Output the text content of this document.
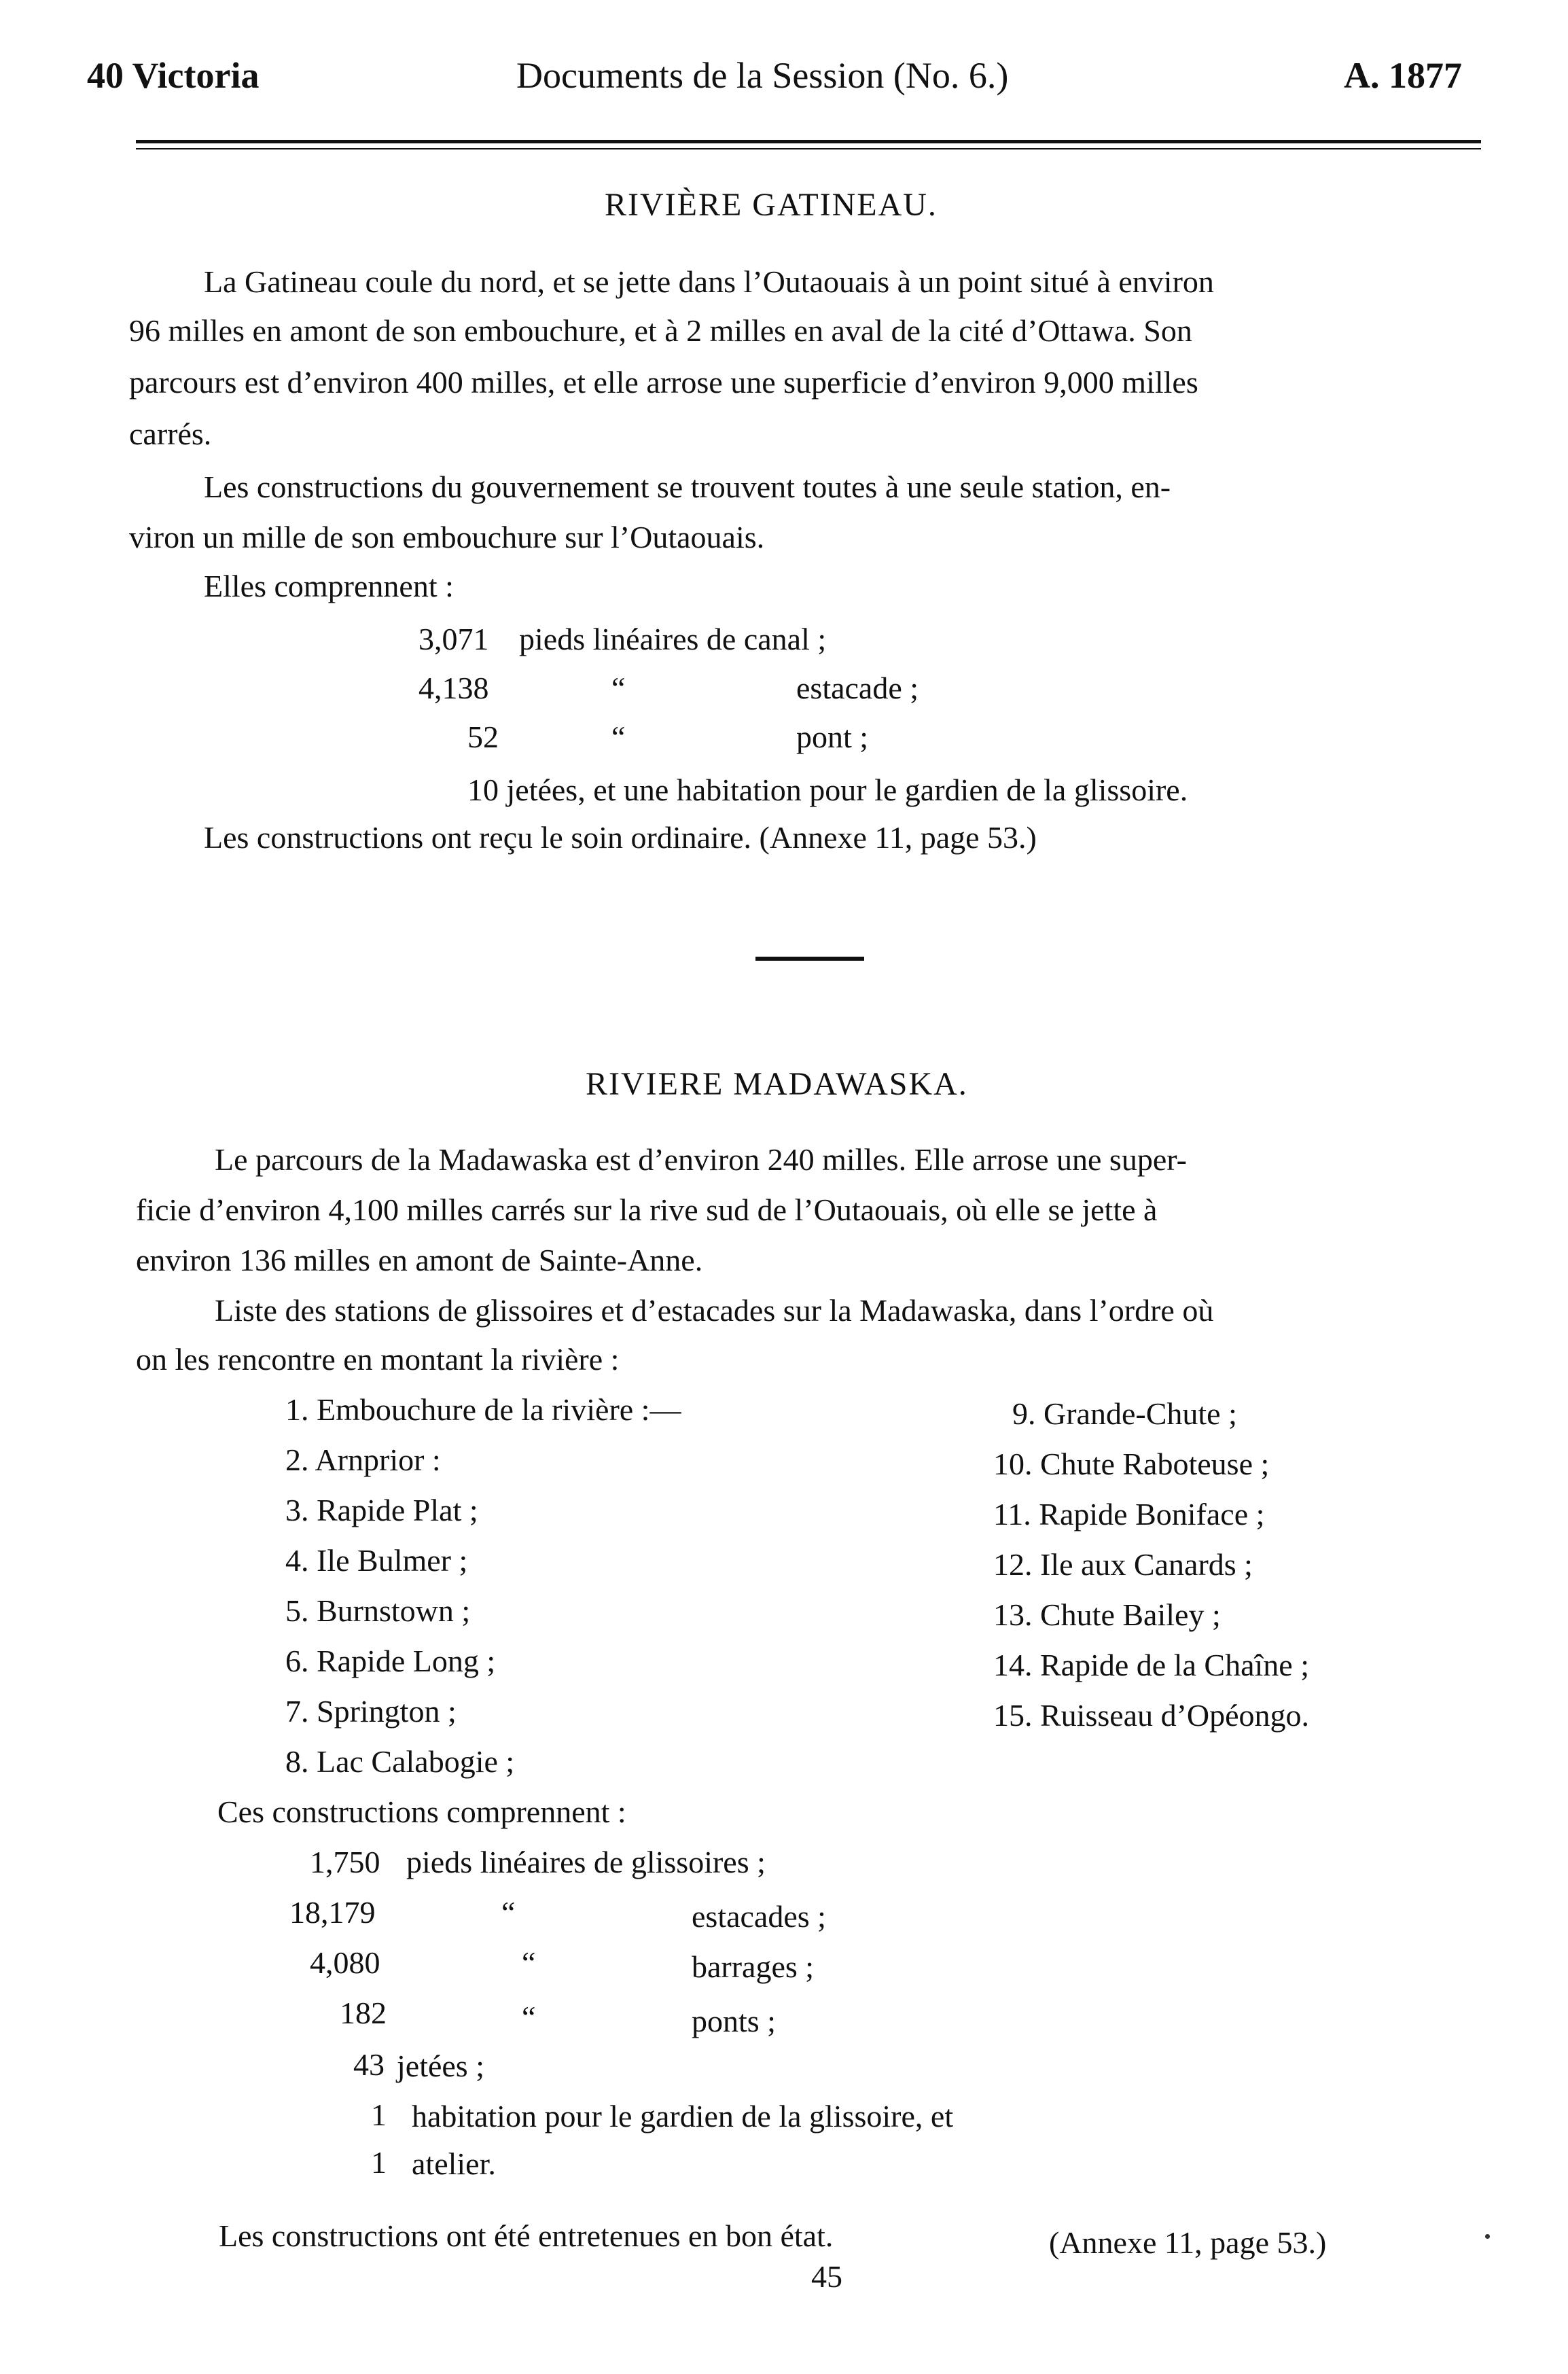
40 Victoria	Documents de la Session (No. 6.)	A. 1877
RIVIÈRE GATINEAU.
La Gatineau coule du nord, et se jette dans l’Outaouais à un point situé à environ
96 milles en amont de son embouchure, et à 2 milles en aval de la cité d’Ottawa. Son
parcours est d’environ 400 milles, et elle arrose une superficie d’environ 9,000 milles
carrés.
Les constructions du gouvernement se trouvent toutes à une seule station, en-
viron un mille de son embouchure sur l’Outaouais.
Elles comprennent :
3,071 pieds linéaires de canal ;
4,138	“	estacade ;
52	“	pont ;
10 jetées, et une habitation pour le gardien de la glissoire.
Les constructions ont reçu le soin ordinaire. (Annexe 11, page 53.)
RIVIERE MADAWASKA.
Le parcours de la Madawaska est d’environ 240 milles. Elle arrose une super-
ficie d’environ 4,100 milles carrés sur la rive sud de l’Outaouais, où elle se jette à
environ 136 milles en amont de Sainte-Anne.
Liste des stations de glissoires et d’estacades sur la Madawaska, dans l’ordre où
on les rencontre en montant la rivière :
1. Embouchure de la rivière :—
2. Arnprior :
3. Rapide Plat ;
4. Ile Bulmer ;
5. Burnstown ;
6. Rapide Long ;
7. Springton ;
8. Lac Calabogie ;
9. Grande-Chute ;
10. Chute Raboteuse ;
11. Rapide Boniface ;
12. Ile aux Canards ;
13. Chute Bailey ;
14. Rapide de la Chaîne ;
15. Ruisseau d’Opéongo.
Ces constructions comprennent :
1,750 pieds linéaires de glissoires ;
18,179	“	estacades ;
4,080	“	barrages ;
182	“	ponts ;
43 jetées ;
1 habitation pour le gardien de la glissoire, et
1 atelier.
Les constructions ont été entretenues en bon état.	(Annexe 11, page 53.)
45
